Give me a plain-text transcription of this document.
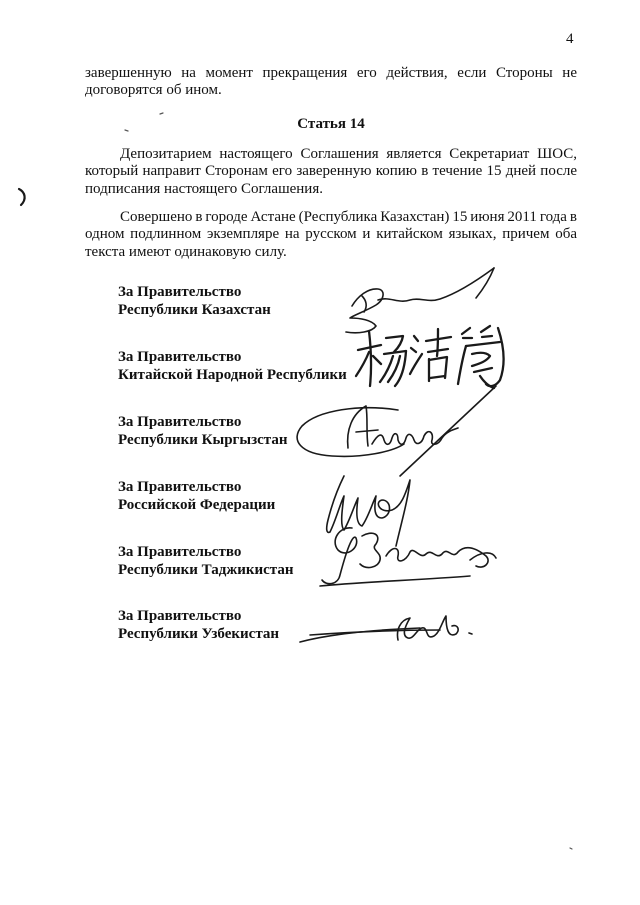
4
завершенную на момент прекращения его действия, если Стороны не
договорятся об ином.
Статья 14
Депозитарием настоящего Соглашения является Секретариат ШОС,
который направит Сторонам его заверенную копию в течение 15 дней после
подписания настоящего Соглашения.
Совершено в городе Астане (Республика Казахстан) 15 июня 2011 года в
одном подлинном экземпляре на русском и китайском языках, причем оба
текста имеют одинаковую силу.
За Правительство
Республики Казахстан
За Правительство
Китайской Народной Республики
За Правительство
Республики Кыргызстан
За Правительство
Российской Федерации
За Правительство
Республики Таджикистан
За Правительство
Республики Узбекистан
